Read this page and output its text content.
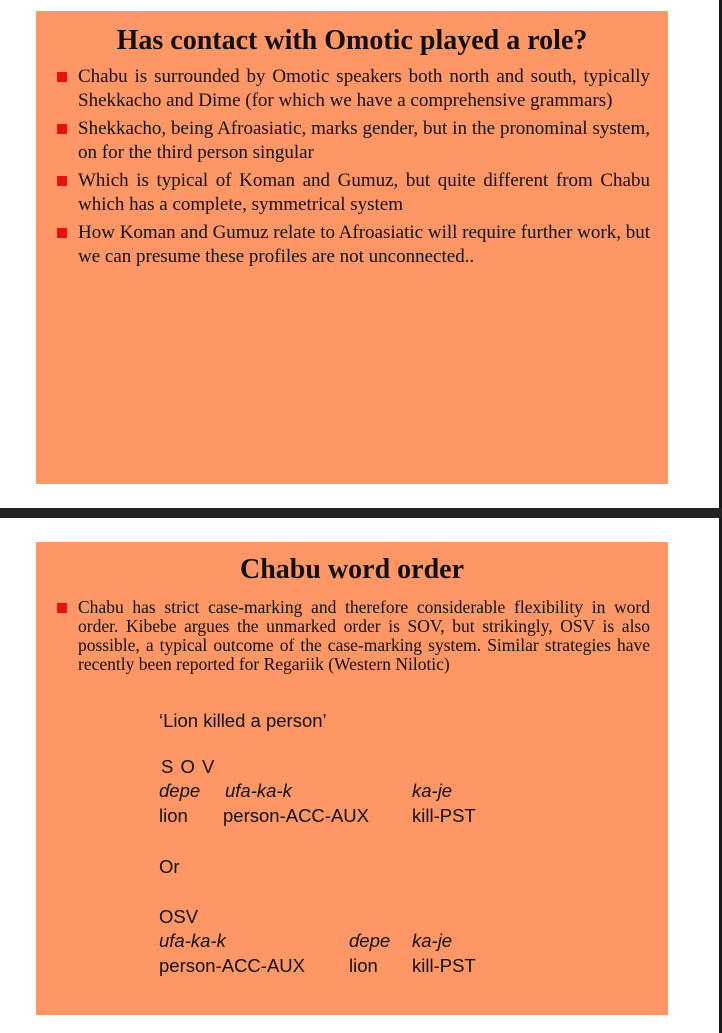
Has contact with Omotic played a role?
Chabu is surrounded by Omotic speakers both north and south, typically Shekkacho and Dime (for which we have a comprehensive grammars)
Shekkacho, being Afroasiatic, marks gender, but in the pronominal system, on for the third person singular
Which is typical of Koman and Gumuz, but quite different from Chabu which has a complete, symmetrical system
How Koman and Gumuz relate to Afroasiatic will require further work, but we can presume these profiles are not unconnected..
Chabu word order
Chabu has strict case-marking and therefore considerable flexibility in word order. Kibebe argues the unmarked order is SOV, but strikingly, OSV is also possible, a typical outcome of the case-marking system. Similar strategies have recently been reported for Regariik (Western Nilotic)
‘Lion killed a person’
S O V
ɗepe ufa-ka-k	ka-je
lion person-ACC-AUX kill-PST
Or
OSV
ufa-ka-k	ɗepe ka-je
person-ACC-AUX lion kill-PST
